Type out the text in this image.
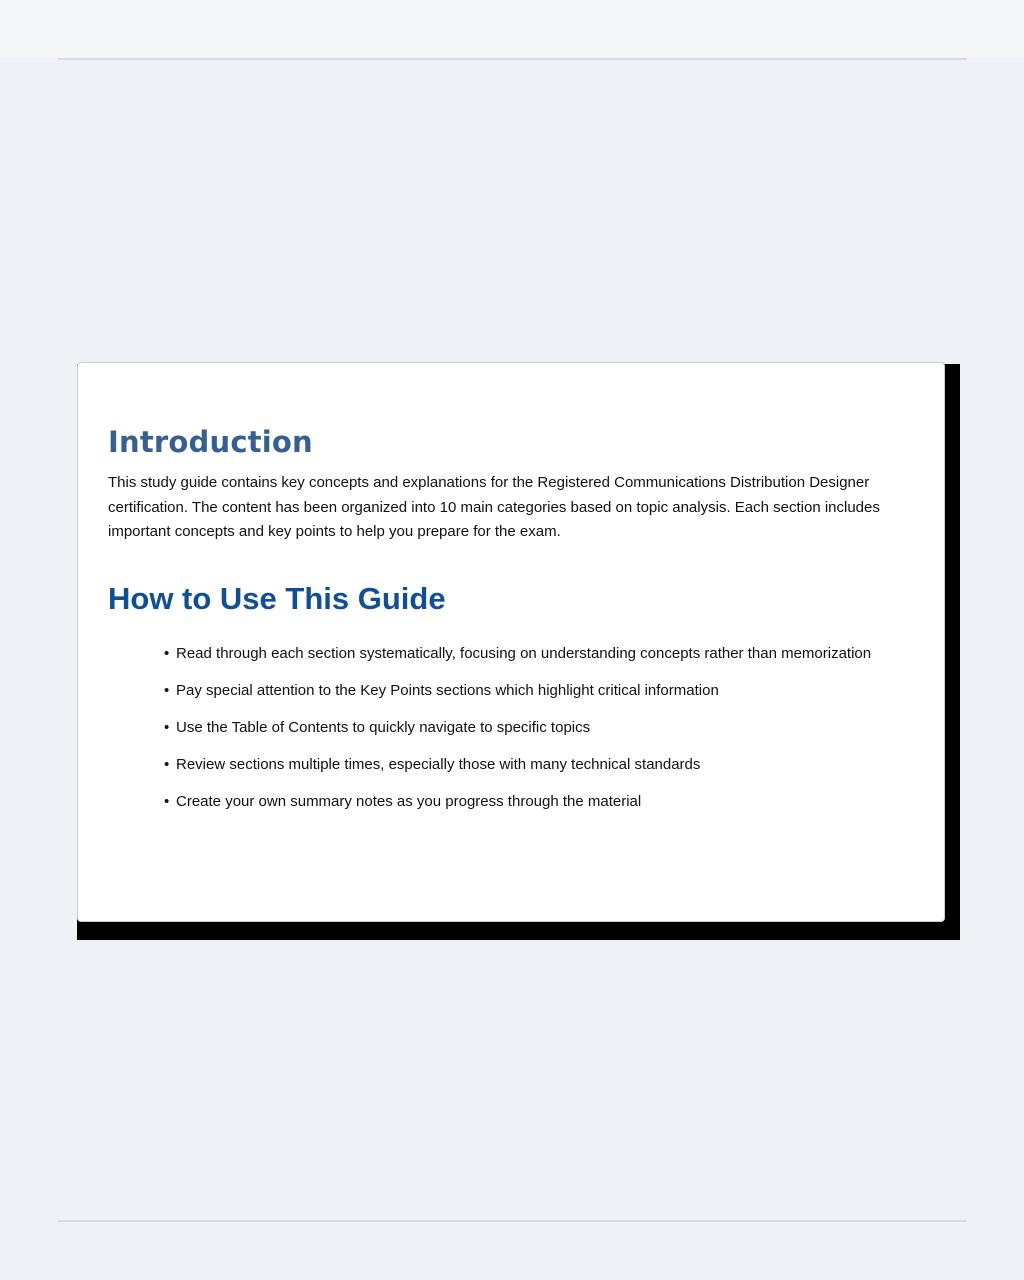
Introduction

This study guide contains key concepts and explanations for the Registered Communications Distribution Designer certification. The content has been organized into 10 main categories based on topic analysis. Each section includes important concepts and key points to help you prepare for the exam.

How to Use This Guide
• Read through each section systematically, focusing on understanding concepts rather than memorization
• Pay special attention to the Key Points sections which highlight critical information
• Use the Table of Contents to quickly navigate to specific topics
• Review sections multiple times, especially those with many technical standards
• Create your own summary notes as you progress through the material
